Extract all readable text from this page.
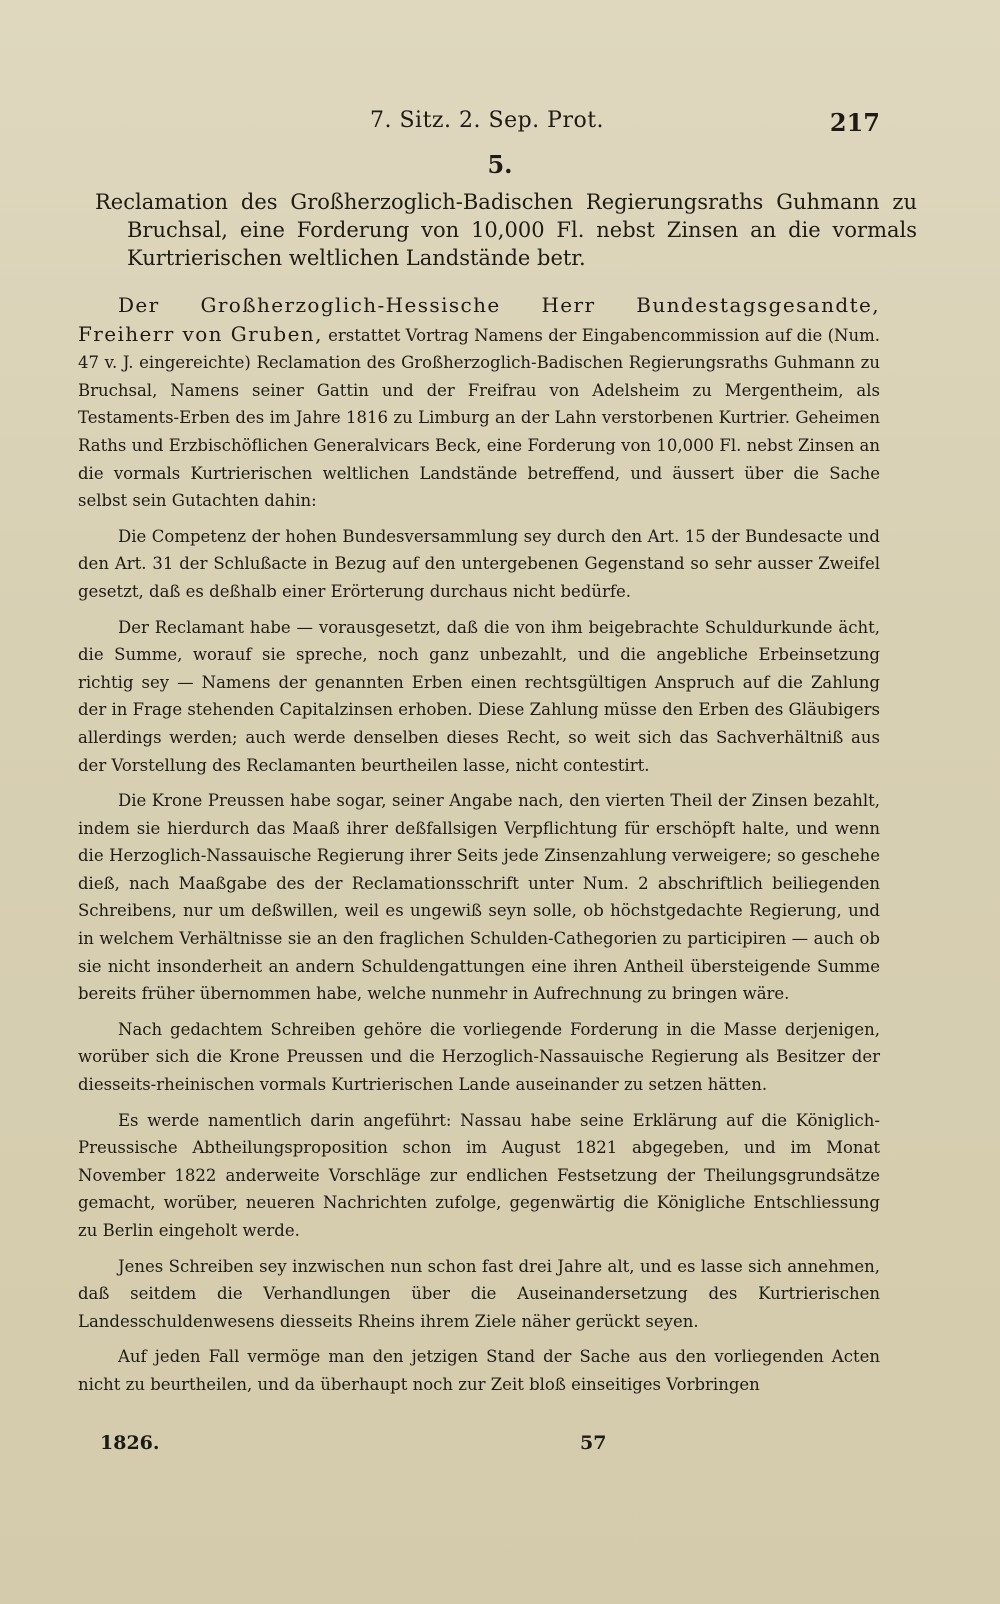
7. Sitz. 2. Sep. Prot.	217
5.
Reclamation des Großherzoglich-Badischen Regierungsraths Guhmann zu Bruchsal, eine Forderung von 10,000 Fl. nebst Zinsen an die vormals Kurtrierischen weltlichen Landstände betr.

Der Großherzoglich-Hessische Herr Bundestagsgesandte, Freiherr von Gruben, erstattet Vortrag Namens der Eingabencommission auf die (Num. 47 v. J. eingereichte) Reclamation des Großherzoglich-Badischen Regierungsraths Guhmann zu Bruchsal, Namens seiner Gattin und der Freifrau von Adelsheim zu Mergentheim, als Testaments-Erben des im Jahre 1816 zu Limburg an der Lahn verstorbenen Kurtrier. Geheimen Raths und Erzbischöflichen Generalvicars Beck, eine Forderung von 10,000 Fl. nebst Zinsen an die vormals Kurtrierischen weltlichen Landstände betreffend, und äussert über die Sache selbst sein Gutachten dahin:

Die Competenz der hohen Bundesversammlung sey durch den Art. 15 der Bundesacte und den Art. 31 der Schlußacte in Bezug auf den untergebenen Gegenstand so sehr ausser Zweifel gesetzt, daß es deßhalb einer Erörterung durchaus nicht bedürfe.

Der Reclamant habe — vorausgesetzt, daß die von ihm beigebrachte Schuldurkunde ächt, die Summe, worauf sie spreche, noch ganz unbezahlt, und die angebliche Erbeinsetzung richtig sey — Namens der genannten Erben einen rechtsgültigen Anspruch auf die Zahlung der in Frage stehenden Capitalzinsen erhoben. Diese Zahlung müsse den Erben des Gläubigers allerdings werden; auch werde denselben dieses Recht, so weit sich das Sachverhältniß aus der Vorstellung des Reclamanten beurtheilen lasse, nicht contestirt.

Die Krone Preussen habe sogar, seiner Angabe nach, den vierten Theil der Zinsen bezahlt, indem sie hierdurch das Maaß ihrer deßfallsigen Verpflichtung für erschöpft halte, und wenn die Herzoglich-Nassauische Regierung ihrer Seits jede Zinsenzahlung verweigere; so geschehe dieß, nach Maaßgabe des der Reclamationsschrift unter Num. 2 abschriftlich beiliegenden Schreibens, nur um deßwillen, weil es ungewiß seyn solle, ob höchstgedachte Regierung, und in welchem Verhältnisse sie an den fraglichen Schulden-Cathegorien zu participiren — auch ob sie nicht insonderheit an andern Schuldengattungen eine ihren Antheil übersteigende Summe bereits früher übernommen habe, welche nunmehr in Aufrechnung zu bringen wäre.

Nach gedachtem Schreiben gehöre die vorliegende Forderung in die Masse derjenigen, worüber sich die Krone Preussen und die Herzoglich-Nassauische Regierung als Besitzer der diesseits-rheinischen vormals Kurtrierischen Lande auseinander zu setzen hätten.

Es werde namentlich darin angeführt: Nassau habe seine Erklärung auf die Königlich-Preussische Abtheilungsproposition schon im August 1821 abgegeben, und im Monat November 1822 anderweite Vorschläge zur endlichen Festsetzung der Theilungsgrundsätze gemacht, worüber, neueren Nachrichten zufolge, gegenwärtig die Königliche Entschliessung zu Berlin eingeholt werde.

Jenes Schreiben sey inzwischen nun schon fast drei Jahre alt, und es lasse sich annehmen, daß seitdem die Verhandlungen über die Auseinandersetzung des Kurtrierischen Landesschuldenwesens diesseits Rheins ihrem Ziele näher gerückt seyen.

Auf jeden Fall vermöge man den jetzigen Stand der Sache aus den vorliegenden Acten nicht zu beurtheilen, und da überhaupt noch zur Zeit bloß einseitiges Vorbringen

1826.	57
